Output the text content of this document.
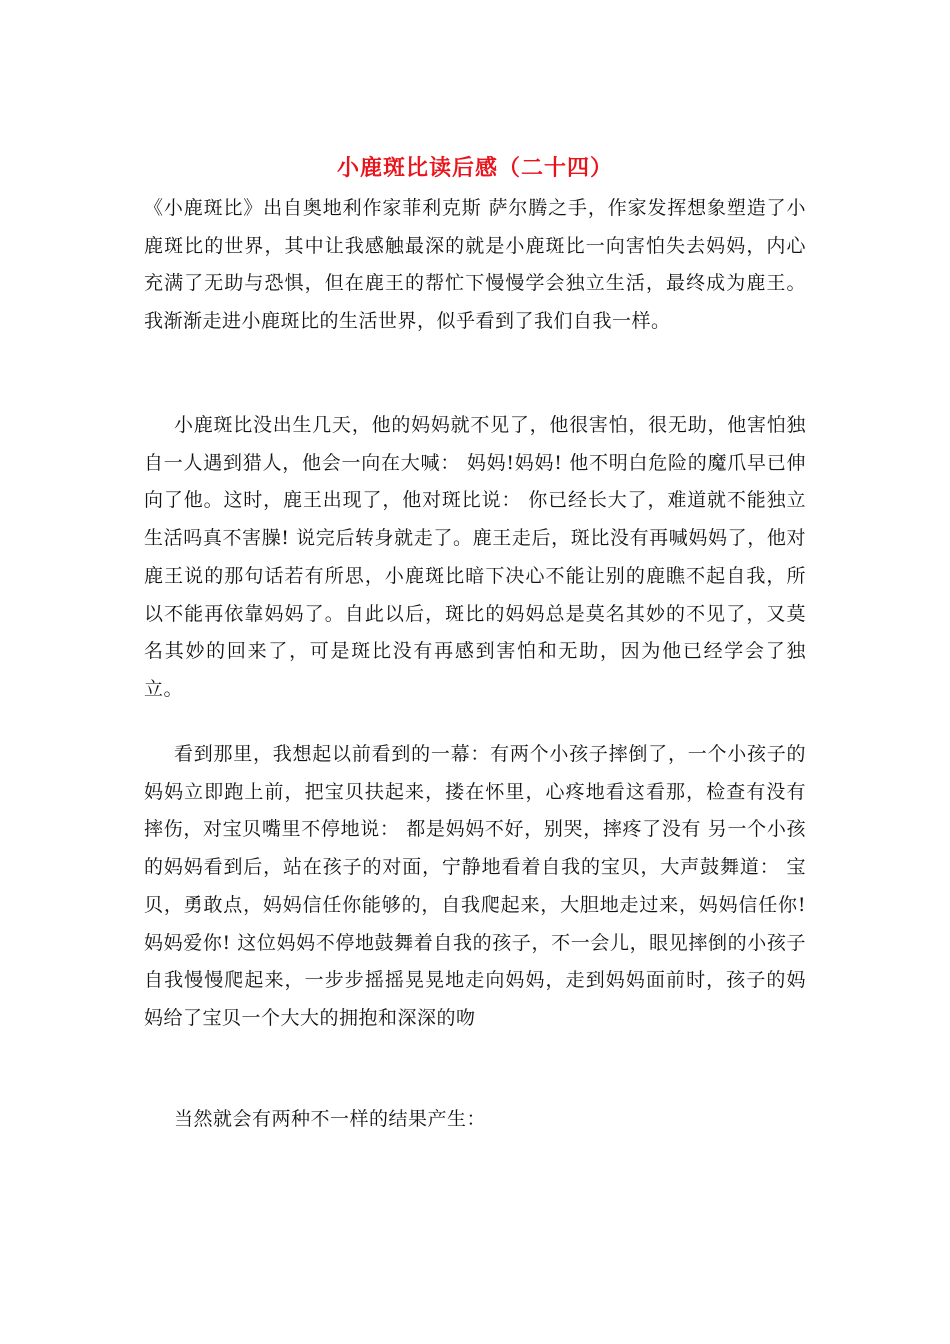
小鹿斑比读后感（二十四）

《小鹿斑比》出自奥地利作家菲利克斯 萨尔腾之手，作家发挥想象塑造了小鹿斑比的世界，其中让我感触最深的就是小鹿斑比一向害怕失去妈妈，内心充满了无助与恐惧，但在鹿王的帮忙下慢慢学会独立生活，最终成为鹿王。我渐渐走进小鹿斑比的生活世界，似乎看到了我们自我一样。

小鹿斑比没出生几天，他的妈妈就不见了，他很害怕，很无助，他害怕独自一人遇到猎人，他会一向在大喊： 妈妈!妈妈! 他不明白危险的魔爪早已伸向了他。这时，鹿王出现了，他对斑比说： 你已经长大了，难道就不能独立生活吗真不害臊! 说完后转身就走了。鹿王走后，斑比没有再喊妈妈了，他对鹿王说的那句话若有所思，小鹿斑比暗下决心不能让别的鹿瞧不起自我，所以不能再依靠妈妈了。自此以后，斑比的妈妈总是莫名其妙的不见了，又莫名其妙的回来了，可是斑比没有再感到害怕和无助，因为他已经学会了独立。

看到那里，我想起以前看到的一幕：有两个小孩子摔倒了，一个小孩子的妈妈立即跑上前，把宝贝扶起来，搂在怀里，心疼地看这看那，检查有没有摔伤，对宝贝嘴里不停地说： 都是妈妈不好，别哭，摔疼了没有 另一个小孩的妈妈看到后，站在孩子的对面，宁静地看着自我的宝贝，大声鼓舞道： 宝贝，勇敢点，妈妈信任你能够的，自我爬起来，大胆地走过来，妈妈信任你!妈妈爱你! 这位妈妈不停地鼓舞着自我的孩子，不一会儿，眼见摔倒的小孩子自我慢慢爬起来，一步步摇摇晃晃地走向妈妈，走到妈妈面前时，孩子的妈妈给了宝贝一个大大的拥抱和深深的吻

当然就会有两种不一样的结果产生：
